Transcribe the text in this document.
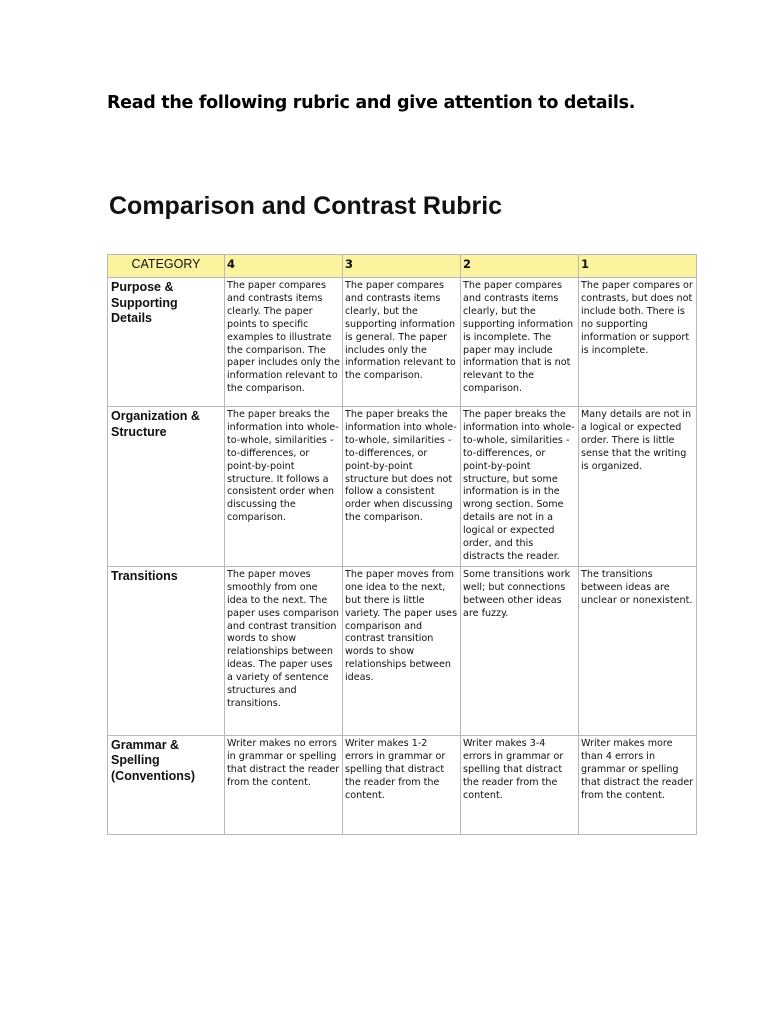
Read the following rubric and give attention to details.
Comparison and Contrast Rubric
CATEGORY	4	3	2	1
Purpose & Supporting Details	The paper compares and contrasts items clearly. The paper points to specific examples to illustrate the comparison. The paper includes only the information relevant to the comparison.	The paper compares and contrasts items clearly, but the supporting information is general. The paper includes only the information relevant to the comparison.	The paper compares and contrasts items clearly, but the supporting information is incomplete. The paper may include information that is not relevant to the comparison.	The paper compares or contrasts, but does not include both. There is no supporting information or support is incomplete.
Organization & Structure	The paper breaks the information into whole-to-whole, similarities -to-differences, or point-by-point structure. It follows a consistent order when discussing the comparison.	The paper breaks the information into whole-to-whole, similarities -to-differences, or point-by-point structure but does not follow a consistent order when discussing the comparison.	The paper breaks the information into whole-to-whole, similarities -to-differences, or point-by-point structure, but some information is in the wrong section. Some details are not in a logical or expected order, and this distracts the reader.	Many details are not in a logical or expected order. There is little sense that the writing is organized.
Transitions	The paper moves smoothly from one idea to the next. The paper uses comparison and contrast transition words to show relationships between ideas. The paper uses a variety of sentence structures and transitions.	The paper moves from one idea to the next, but there is little variety. The paper uses comparison and contrast transition words to show relationships between ideas.	Some transitions work well; but connections between other ideas are fuzzy.	The transitions between ideas are unclear or nonexistent.
Grammar & Spelling (Conventions)	Writer makes no errors in grammar or spelling that distract the reader from the content.	Writer makes 1-2 errors in grammar or spelling that distract the reader from the content.	Writer makes 3-4 errors in grammar or spelling that distract the reader from the content.	Writer makes more than 4 errors in grammar or spelling that distract the reader from the content.
